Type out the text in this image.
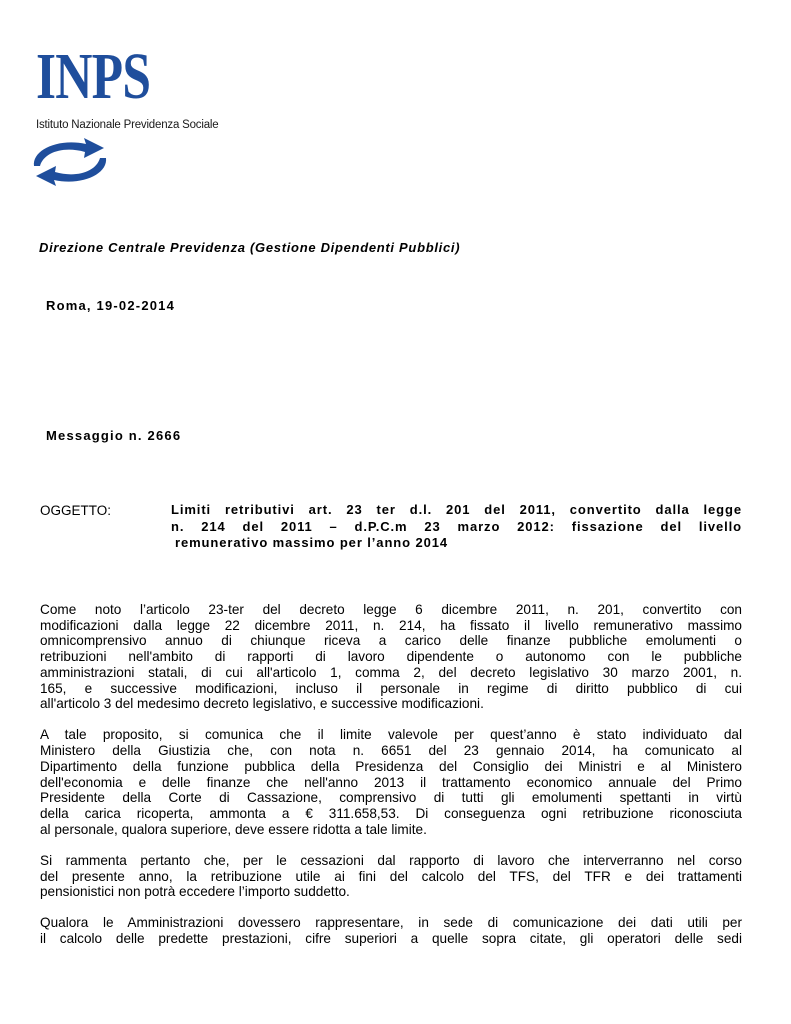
INPS
Istituto Nazionale Previdenza Sociale
Direzione Centrale Previdenza (Gestione Dipendenti Pubblici)
Roma, 19-02-2014
Messaggio n. 2666
OGGETTO:	Limiti retributivi art. 23 ter d.l. 201 del 2011, convertito dalla legge
n. 214 del 2011 – d.P.C.m 23 marzo 2012: fissazione del livello
remunerativo massimo per l’anno 2014
Come noto l’articolo 23-ter del decreto legge 6 dicembre 2011, n. 201, convertito con
modificazioni dalla legge 22 dicembre 2011, n. 214, ha fissato il livello remunerativo massimo
omnicomprensivo annuo di chiunque riceva a carico delle finanze pubbliche emolumenti o
retribuzioni nell'ambito di rapporti di lavoro dipendente o autonomo con le pubbliche
amministrazioni statali, di cui all'articolo 1, comma 2, del decreto legislativo 30 marzo 2001, n.
165, e successive modificazioni, incluso il personale in regime di diritto pubblico di cui
all'articolo 3 del medesimo decreto legislativo, e successive modificazioni.
A tale proposito, si comunica che il limite valevole per quest’anno è stato individuato dal
Ministero della Giustizia che, con nota n. 6651 del 23 gennaio 2014, ha comunicato al
Dipartimento della funzione pubblica della Presidenza del Consiglio dei Ministri e al Ministero
dell'economia e delle finanze che nell'anno 2013 il trattamento economico annuale del Primo
Presidente della Corte di Cassazione, comprensivo di tutti gli emolumenti spettanti in virtù
della carica ricoperta, ammonta a € 311.658,53. Di conseguenza ogni retribuzione riconosciuta
al personale, qualora superiore, deve essere ridotta a tale limite.
Si rammenta pertanto che, per le cessazioni dal rapporto di lavoro che interverranno nel corso
del presente anno, la retribuzione utile ai fini del calcolo del TFS, del TFR e dei trattamenti
pensionistici non potrà eccedere l’importo suddetto.
Qualora le Amministrazioni dovessero rappresentare, in sede di comunicazione dei dati utili per
il calcolo delle predette prestazioni, cifre superiori a quelle sopra citate, gli operatori delle sedi
